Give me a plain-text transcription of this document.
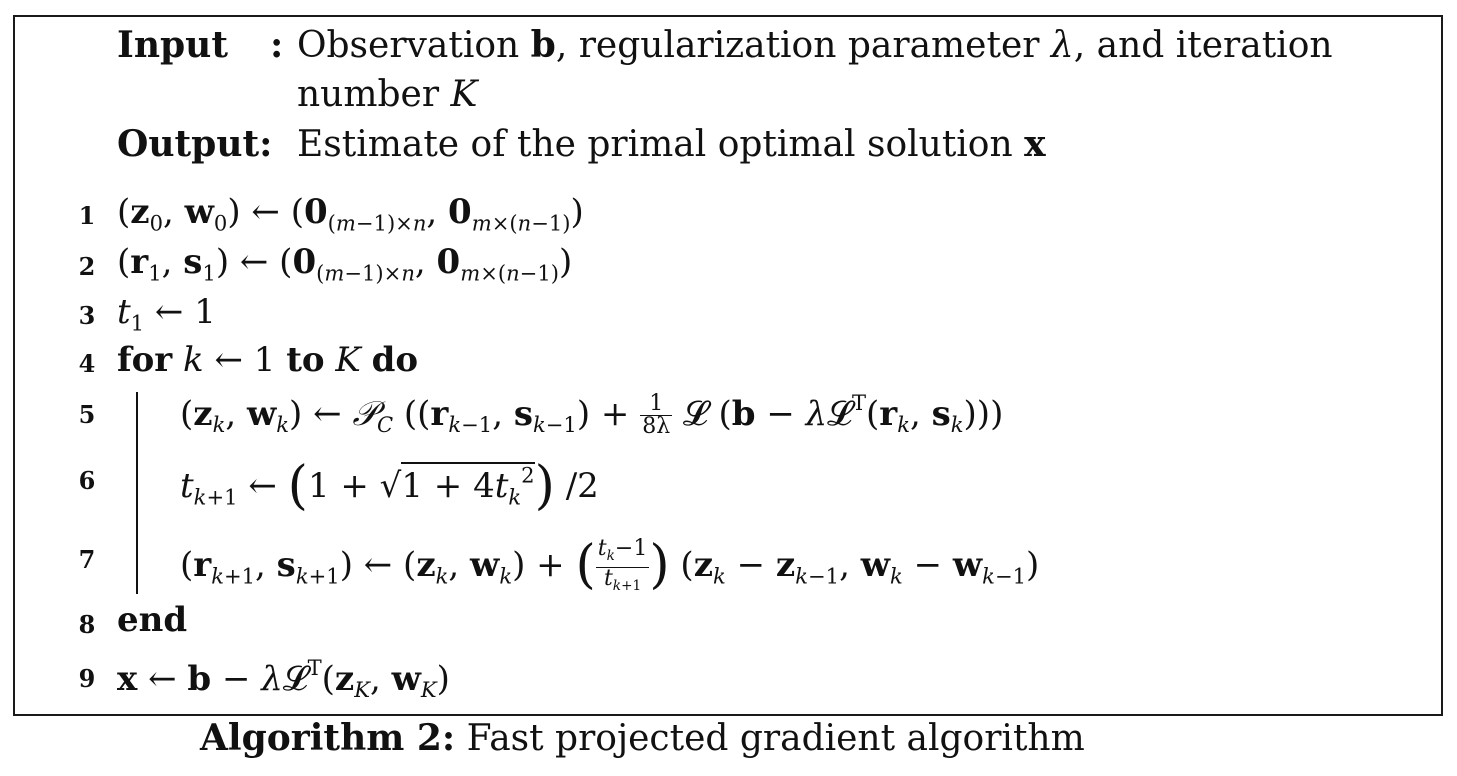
Input : Observation b, regularization parameter λ, and iteration
number K
Output: Estimate of the primal optimal solution x
1
2
3
4
5
6
7
8
9
($z_0$, $w_0$) ← ($0_{(m-1)\times n}$, $0_{m\times(n-1)}$)
($r_1$, $s_1$) ← ($0_{(m-1)\times n}$, $0_{m\times(n-1)}$)
$t_1$ ← 1
for k ← 1 to K do
($z_k$, $w_k$) ← 𝒫$_C$ (($r_{k-1}$, $s_{k-1}) + \frac{1}{8\lambda}$ 𝓛 ($b - \lambda 𝓛^T(r_k$, $s_k$)))
$t_{k+1}$ ← $(1 + √1 + 4t_k^2)$ /2
($r_{k+1}$, $s_{k+1}$) ← ($z_k$, $w_k$) + ( $\frac{t_k-1}{t_{k+1}}$ ) ($z_k - z_{k-1}$, $w_k - w_{k-1}$)
end
x ← $b - \lambda 𝓛^T(z_K$, $w_K$)
Algorithm 2: Fast projected gradient algorithm
